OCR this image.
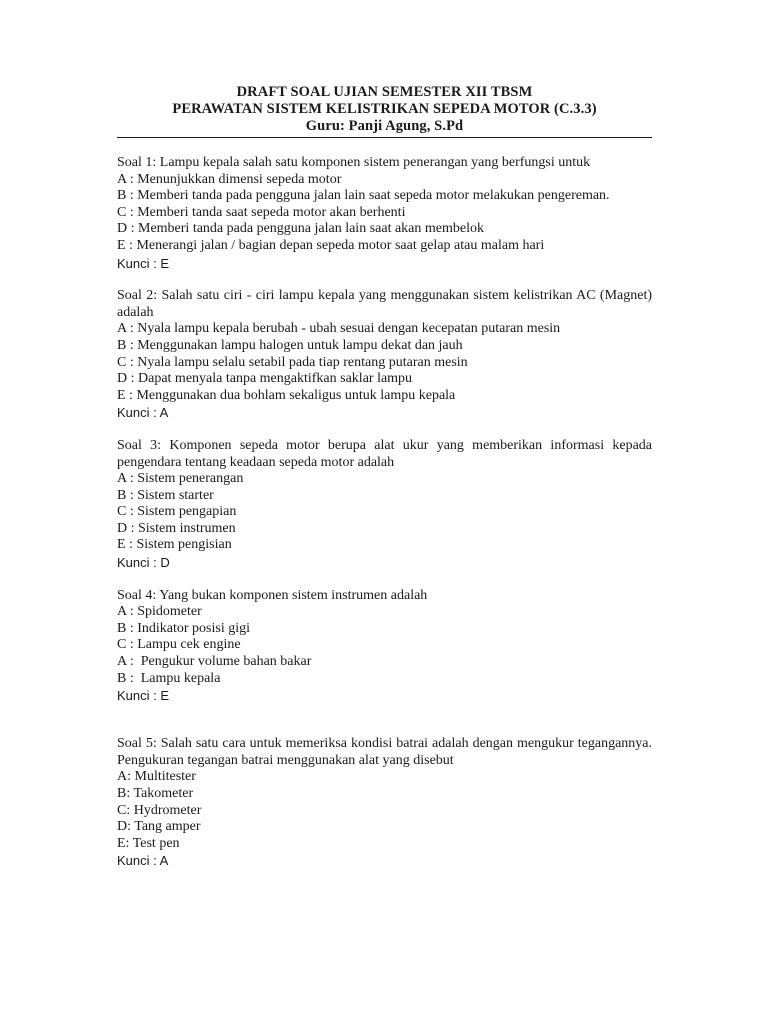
DRAFT SOAL UJIAN SEMESTER XII TBSM
PERAWATAN SISTEM KELISTRIKAN SEPEDA MOTOR (C.3.3)
Guru: Panji Agung, S.Pd
Soal 1: Lampu kepala salah satu komponen sistem penerangan yang berfungsi untuk
A : Menunjukkan dimensi sepeda motor
B : Memberi tanda pada pengguna jalan lain saat sepeda motor melakukan pengereman.
C : Memberi tanda saat sepeda motor akan berhenti
D : Memberi tanda pada pengguna jalan lain saat akan membelok
E : Menerangi jalan / bagian depan sepeda motor saat gelap atau malam hari
Kunci : E
Soal 2: Salah satu ciri - ciri lampu kepala yang menggunakan sistem kelistrikan AC (Magnet) adalah
A : Nyala lampu kepala berubah - ubah sesuai dengan kecepatan putaran mesin
B : Menggunakan lampu halogen untuk lampu dekat dan jauh
C : Nyala lampu selalu setabil pada tiap rentang putaran mesin
D : Dapat menyala tanpa mengaktifkan saklar lampu
E : Menggunakan dua bohlam sekaligus untuk lampu kepala
Kunci : A
Soal 3: Komponen sepeda motor berupa alat ukur yang memberikan informasi kepada pengendara tentang keadaan sepeda motor adalah
A : Sistem penerangan
B : Sistem starter
C : Sistem pengapian
D : Sistem instrumen
E : Sistem pengisian
Kunci : D
Soal 4: Yang bukan komponen sistem instrumen adalah
A : Spidometer
B : Indikator posisi gigi
C : Lampu cek engine
A :  Pengukur volume bahan bakar
B :  Lampu kepala
Kunci : E
Soal 5: Salah satu cara untuk memeriksa kondisi batrai adalah dengan mengukur tegangannya. Pengukuran tegangan batrai menggunakan alat yang disebut
A: Multitester
B: Takometer
C: Hydrometer
D: Tang amper
E: Test pen
Kunci : A
